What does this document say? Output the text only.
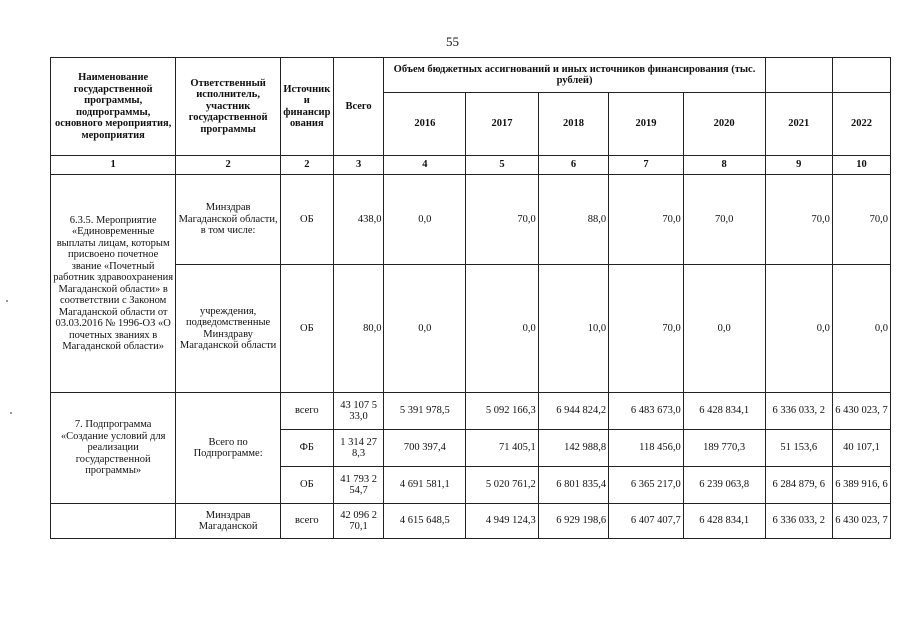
55
Наименование государственной программы, подпрограммы, основного мероприятия, мероприятия	Ответственный исполнитель, участник государственной программы	Источник и финансир ования	Всего	Объем бюджетных ассигнований и иных источников финансирования (тыс. рублей)						
				2016	2017	2018	2019	2020	2021	2022
1	2	2	3	4	5	6	7	8	9	10
6.3.5. Мероприятие «Единовременные выплаты лицам, которым присвоено почетное звание «Почетный работник здравоохранения Магаданской области» в соответствии с Законом Магаданской области от 03.03.2016 № 1996-ОЗ «О почетных званиях в Магаданской области»	Минздрав Магаданской области, в том числе:	ОБ	438,0	0,0	70,0	88,0	70,0	70,0	70,0	70,0
	учреждения, подведомственные Минздраву Магаданской области	ОБ	80,0	0,0	0,0	10,0	70,0	0,0	0,0	0,0
7. Подпрограмма «Создание условий для реализации государственной программы»	Всего по Подпрограмме:	всего	43 107 5 33,0	5 391 978,5	5 092 166,3	6 944 824,2	6 483 673,0	6 428 834,1	6 336 033, 2	6 430 023, 7
		ФБ	1 314 27 8,3	700 397,4	71 405,1	142 988,8	118 456,0	189 770,3	51 153,6	40 107,1
		ОБ	41 793 2 54,7	4 691 581,1	5 020 761,2	6 801 835,4	6 365 217,0	6 239 063,8	6 284 879, 6	6 389 916, 6
	Минздрав Магаданской	всего	42 096 2 70,1	4 615 648,5	4 949 124,3	6 929 198,6	6 407 407,7	6 428 834,1	6 336 033, 2	6 430 023, 7
